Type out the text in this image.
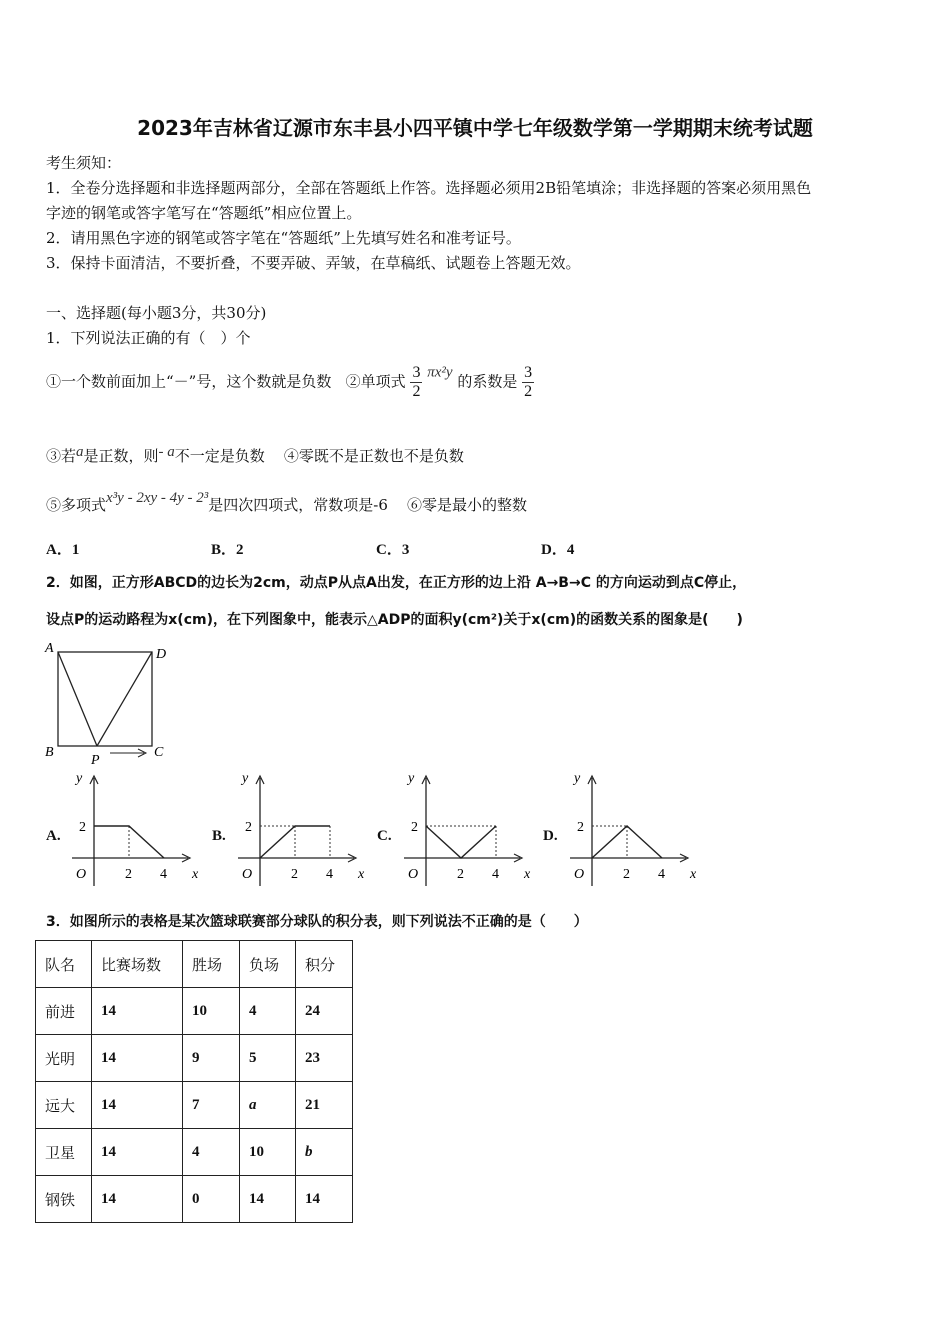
2023年吉林省辽源市东丰县小四平镇中学七年级数学第一学期期末统考试题
考生须知：
1．全卷分选择题和非选择题两部分，全部在答题纸上作答。选择题必须用2B铅笔填涂；非选择题的答案必须用黑色
字迹的钢笔或答字笔写在“答题纸”相应位置上。
2．请用黑色字迹的钢笔或答字笔在“答题纸”上先填写姓名和准考证号。
3．保持卡面清洁，不要折叠，不要弄破、弄皱，在草稿纸、试题卷上答题无效。
一、选择题(每小题3分，共30分)
1．下列说法正确的有（　）个
①一个数前面加上“－”号，这个数就是负数 ②单项式 $\frac{3}{2} \pi x^2y$ 的系数是 $\frac{3}{2}$
③若a是正数，则- a不一定是负数 ④零既不是正数也不是负数
⑤多项式x³y - 2xy - 4y - 2³是四次四项式，常数项是-6 ⑥零是最小的整数
A．1	B．2	C．3	D．4
2．如图，正方形ABCD的边长为2cm，动点P从点A出发，在正方形的边上沿 A→B→C 的方向运动到点C停止，
设点P的运动路程为x(cm)，在下列图象中，能表示△ADP的面积y(cm²)关于x(cm)的函数关系的图象是(　　)
A	D
B	C
P
A.	B.	C.	D.
y
x
O	2 4
2
y
x
O	2 4
2
y
x
O	2 4
2
y
x
O	2 4
2
3．如图所示的表格是某次篮球联赛部分球队的积分表，则下列说法不正确的是（　　）
队名	比赛场数	胜场	负场	积分
前进	14	10	4	24
光明	14	9	5	23
远大	14	7	a	21
卫星	14	4	10	b
钢铁	14	0	14	14
